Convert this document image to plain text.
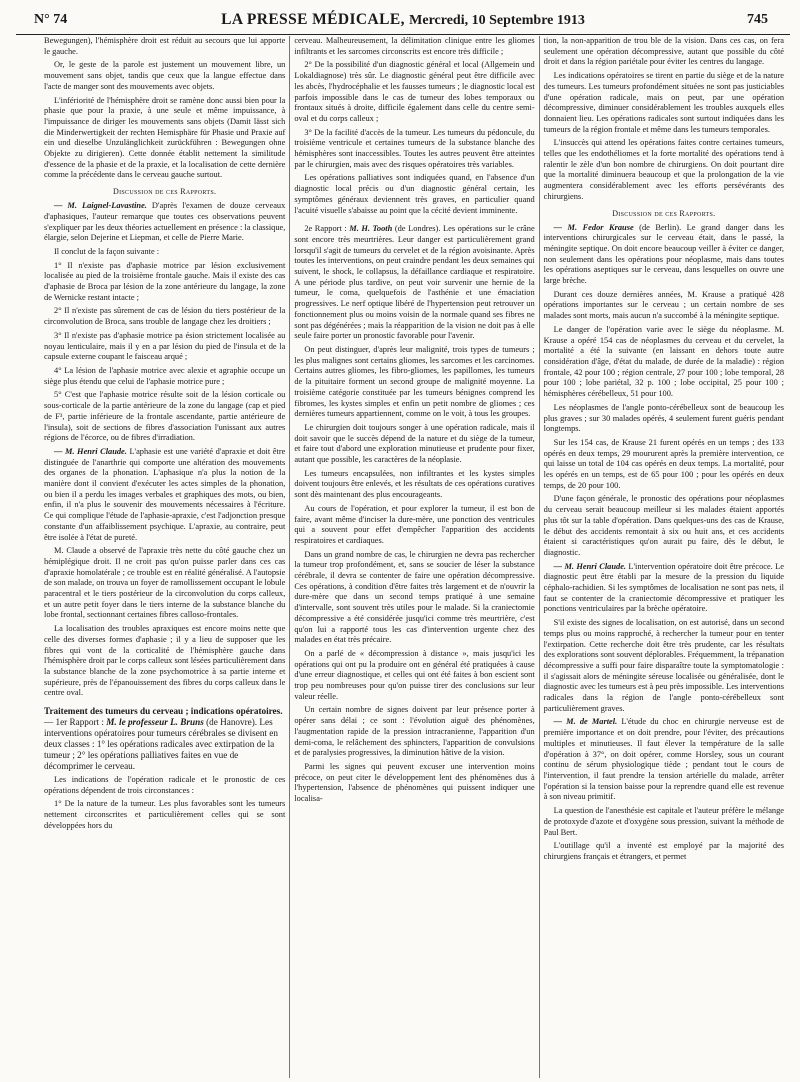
N° 74	LA PRESSE MÉDICALE, Mercredi, 10 Septembre 1913	745

Bewegungen), l'hémisphère droit est réduit au secours que lui apporte le gauche.

Or, le geste de la parole est justement un mouvement libre, un mouvement sans objet, tandis que ceux que la langue effectue dans l'acte de manger sont des mouvements avec objets.

L'infériorité de l'hémisphère droit se ramène donc aussi bien pour la phasie que pour la praxie, à une seule et même impuissance, à l'impuissance de diriger les mouvements sans objets (Damit lässt sich die Minderwertigkeit der rechten Hemisphäre für Phasie und Praxie auf ein und dieselbe Unzulänglichkeit zurückführen : Bewegungen ohne Objekte zu dirigieren). Cette donnée établit nettement la similitude d'essence de la phasie et de la praxie, et la localisation de cette dernière comme la précédente dans le cerveau gauche surtout.

Discussion de ces Rapports.

— M. Laignel-Lavastine. D'après l'examen de douze cerveaux d'aphasiques, l'auteur remarque que toutes ces observations peuvent s'expliquer par les deux théories actuellement en présence : la classique, élargie, selon Dejerine et Liepman, et celle de Pierre Marie.

Il conclut de la façon suivante :

1° Il n'existe pas d'aphasie motrice par lésion exclusivement localisée au pied de la troisième frontale gauche. Mais il existe des cas d'aphasie de Broca par lésion de la zone antérieure du langage, la zone de Wernicke restant intacte ;

2° Il n'existe pas sûrement de cas de lésion du tiers postérieur de la circonvolution de Broca, sans trouble de langage chez les droitiers ;

3° Il n'existe pas d'aphasie motrice pa ésion strictement localisée au noyau lenticulaire, mais il y en a par lésion du pied de l'insula et de la capsule externe coupant le faisceau arqué ;

4° La lésion de l'aphasie motrice avec alexie et agraphie occupe un siège plus étendu que celui de l'aphasie motrice pure ;

5° C'est que l'aphasie motrice résulte soit de la lésion corticale ou sous-corticale de la partie antérieure de la zone du langage (cap et pied de F³, partie inférieure de la frontale ascendante, partie antérieure de l'insula), soit de sections de fibres d'association l'unissant aux autres régions de l'écorce, ou de fibres d'irradiation.

— M. Henri Claude. L'aphasie est une variété d'apraxie et doit être distinguée de l'anarthrie qui comporte une altération des mouvements des organes de la phonation. L'aphasique n'a plus la notion de la manière dont il convient d'exécuter les actes simples de la phonation, ou bien il a perdu les images verbales et graphiques des mots, ou bien, enfin, il n'a plus le souvenir des mouvements nécessaires à l'écriture. Ce qui complique l'étude de l'aphasie-apraxie, c'est l'adjonction presque constante d'un affaiblissement psychique. L'apraxie, au contraire, peut être isolée à l'état de pureté.

M. Claude a observé de l'apraxie très nette du côté gauche chez un hémiplégique droit. Il ne croit pas qu'on puisse parler dans ces cas d'apraxie homolatérale ; ce trouble est en réalité généralisé. A l'autopsie de son malade, on trouva un foyer de ramollissement occupant le lobule paracentral et le tiers postérieur de la circonvolution du corps calleux, et un autre petit foyer dans le tiers interne de la substance blanche du lobe frontal, sectionnant certaines fibres calloso-frontales.

La localisation des troubles apraxiques est encore moins nette que celle des diverses formes d'aphasie ; il y a lieu de supposer que les fibres qui vont de la corticalité de l'hémisphère gauche dans l'hémisphère droit par le corps calleux sont lésées particulièrement dans la substance blanche de la zone psychomotrice à sa partie interne et supérieure, près de l'épanouissement des fibres du corps calleux dans le centre oval.

Traitement des tumeurs du cerveau ; indications opératoires. — 1er Rapport : M. le professeur L. Bruns (de Hanovre). Les interventions opératoires pour tumeurs cérébrales se divisent en deux classes : 1° les opérations radicales avec extirpation de la tumeur ; 2° les opérations palliatives faites en vue de décomprimer le cerveau.

Les indications de l'opération radicale et le pronostic de ces opérations dépendent de trois circonstances :

1° De la nature de la tumeur. Les plus favorables sont les tumeurs nettement circonscrites et particulièrement celles qui se sont développées hors du

cerveau. Malheureusement, la délimitation clinique entre les gliomes infiltrants et les sarcomes circonscrits est encore très difficile ;

2° De la possibilité d'un diagnostic général et local (Allgemein und Lokaldiagnose) très sûr. Le diagnostic général peut être difficile avec les abcès, l'hydrocéphalie et les fausses tumeurs ; le diagnostic local est parfois impossible dans le cas de tumeur des lobes temporaux ou frontaux situés à droite, difficile également dans celle du centre semi-oval et du corps calleux ;

3° De la facilité d'accès de la tumeur. Les tumeurs du pédoncule, du troisième ventricule et certaines tumeurs de la substance blanche des hémisphères sont inaccessibles. Toutes les autres peuvent être atteintes par le chirurgien, mais avec des risques opératoires très variables.

Les opérations palliatives sont indiquées quand, en l'absence d'un diagnostic local précis ou d'un diagnostic général certain, les symptômes généraux deviennent très graves, en particulier quand l'acuité visuelle s'abaisse au point que la cécité devient imminente.

2e Rapport : M. H. Tooth (de Londres). Les opérations sur le crâne sont encore très meurtrières. Leur danger est particulièrement grand lorsqu'il s'agit de tumeurs du cervelet et de la région avoisinante. Après toutes les interventions, on peut craindre pendant les deux semaines qui suivent, le shock, le collapsus, la défaillance cardiaque et respiratoire. A une période plus tardive, on peut voir survenir une hernie de la tumeur, le coma, quelquefois de l'asthénie et une émaciation progressives. Le nerf optique libéré de l'hypertension peut retrouver un fonctionnement plus ou moins voisin de la normale quand ses fibres ne sont pas dégénérées ; mais la réapparition de la vision ne doit pas à elle seule faire porter un pronostic favorable pour l'avenir.

On peut distinguer, d'après leur malignité, trois types de tumeurs ; les plus malignes sont certains gliomes, les sarcomes et les carcinomes. Certains autres gliomes, les fibro-gliomes, les papillomes, les tumeurs de la pituitaire forment un second groupe de malignité moyenne. La troisième catégorie constituée par les tumeurs bénignes comprend les fibromes, les kystes simples et enfin un petit nombre de gliomes ; ces dernières tumeurs appartiennent, comme on le voit, à tous les groupes.

Le chirurgien doit toujours songer à une opération radicale, mais il doit savoir que le succès dépend de la nature et du siège de la tumeur, et faire tout d'abord une exploration minutieuse et prudente pour fixer, autant que possible, les caractères de la néoplasie.

Les tumeurs encapsulées, non infiltrantes et les kystes simples doivent toujours être enlevés, et les résultats de ces opérations curatives sont dès maintenant des plus encourageants.

Au cours de l'opération, et pour explorer la tumeur, il est bon de faire, avant même d'inciser la dure-mère, une ponction des ventricules qui a souvent pour effet d'empêcher l'apparition des accidents respiratoires et cardiaques.

Dans un grand nombre de cas, le chirurgien ne devra pas rechercher la tumeur trop profondément, et, sans se soucier de léser la substance cérébrale, il devra se contenter de faire une opération décompressive. Ces opérations, à condition d'être faites très largement et de n'ouvrir la dure-mère que dans un second temps pratiqué à une semaine d'intervalle, sont souvent très utiles pour le malade. Si la craniectomie décompressive a été considérée jusqu'ici comme très meurtrière, c'est qu'on lui a rapporté tous les cas d'intervention urgente chez des malades en état très précaire.

On a parlé de « décompression à distance », mais jusqu'ici les opérations qui ont pu la produire ont en général été pratiquées à cause d'une erreur diagnostique, et celles qui ont été faites à bon escient sont trop peu nombreuses pour qu'on puisse tirer des conclusions sur leur valeur réelle.

Un certain nombre de signes doivent par leur présence porter à opérer sans délai ; ce sont : l'évolution aiguë des phénomènes, l'augmentation rapide de la pression intracranienne, l'apparition d'un demi-coma, le relâchement des sphincters, l'apparition de convulsions et de paralysies progressives, la diminution hâtive de la vision.

Parmi les signes qui peuvent excuser une intervention moins précoce, on peut citer le développement lent des phénomènes dus à l'hypertension, l'absence de phénomènes qui puissent indiquer une localisa-

tion, la non-apparition de trou ble de la vision. Dans ces cas, on fera seulement une opération décompressive, autant que possible du côté droit et dans la région pariétale pour éviter les centres du langage.

Les indications opératoires se tirent en partie du siège et de la nature des tumeurs. Les tumeurs profondément situées ne sont pas justiciables d'une opération radicale, mais on peut, par une opération décompressive, diminuer considérablement les troubles auxquels elles donnaient lieu. Les opérations radicales sont surtout indiquées dans les tumeurs de la région frontale et même dans les tumeurs temporales.

L'insuccès qui attend les opérations faites contre certaines tumeurs, telles que les endothéliomes et la forte mortalité des opérations tend à ralentir le zèle d'un bon nombre de chirurgiens. On doit pourtant dire que la mortalité diminuera beaucoup et que la prolongation de la vie augmentera considérablement avec les efforts persévérants des chirurgiens.

Discussion de ces Rapports.

— M. Fedor Krause (de Berlin). Le grand danger dans les interventions chirurgicales sur le cerveau était, dans le passé, la méningite septique. On doit encore beaucoup veiller à éviter ce danger, non seulement dans les opérations pour néoplasme, mais dans toutes les opérations aseptiques sur le cerveau, dans lesquelles on ouvre une large brèche.

Durant ces douze dernières années, M. Krause a pratiqué 428 opérations importantes sur le cerveau ; un certain nombre de ses malades sont morts, mais aucun n'a succombé à la méningite septique.

Le danger de l'opération varie avec le siège du néoplasme. M. Krause a opéré 154 cas de néoplasmes du cerveau et du cervelet, la mortalité a été la suivante (en laissant en dehors toute autre considération d'âge, d'état du malade, de durée de la maladie) : région frontale, 42 pour 100 ; région centrale, 27 pour 100 ; lobe temporal, 28 pour 100 ; lobe pariétal, 32 p. 100 ; lobe occipital, 25 pour 100 ; hémisphères cérébelleux, 51 pour 100.

Les néoplasmes de l'angle ponto-cérébelleux sont de beaucoup les plus graves ; sur 30 malades opérés, 4 seulement furent guéris pendant longtemps.

Sur les 154 cas, de Krause 21 furent opérés en un temps ; des 133 opérés en deux temps, 29 moururent après la première intervention, ce qui laisse un total de 104 cas opérés en deux temps. La mortalité, pour les opérés en un temps, est de 65 pour 100 ; pour les opérés en deux temps, de 20 pour 100.

D'une façon générale, le pronostic des opérations pour néoplasmes du cerveau serait beaucoup meilleur si les malades étaient apportés plus tôt sur la table d'opération. Dans quelques-uns des cas de Krause, le début des accidents remontait à six ou huit ans, et ces accidents étaient si caractéristiques qu'on aurait pu faire, dès le début, le diagnostic.

— M. Henri Claude. L'intervention opératoire doit être précoce. Le diagnostic peut être établi par la mesure de la pression du liquide céphalo-rachidien. Si les symptômes de localisation ne sont pas nets, il faut se contenter de la craniectomie décompressive et pratiquer les ponctions ventriculaires par la brèche opératoire.

S'il existe des signes de localisation, on est autorisé, dans un second temps plus ou moins rapproché, à rechercher la tumeur pour en tenter l'extirpation. Cette recherche doit être très prudente, car les résultats des explorations sont souvent déplorables. Fréquemment, la trépanation décompressive a suffi pour faire disparaître toute la symptomatologie : il s'agissait alors de méningite séreuse localisée ou généralisée, dont le diagnostic avec les tumeurs est à peu près impossible. Les interventions radicales dans la région de l'angle ponto-cérébelleux sont particulièrement graves.

— M. de Martel. L'étude du choc en chirurgie nerveuse est de première importance et on doit prendre, pour l'éviter, des précautions multiples et minutieuses. Il faut élever la température de la salle d'opération à 37°, on doit opérer, comme Horsley, sous un courant continu de sérum physiologique tiède ; pendant tout le cours de l'intervention, il faut prendre la tension artérielle du malade, arrêter l'opération si la tension baisse pour la reprendre quand elle est revenue à son niveau primitif.

La question de l'anesthésie est capitale et l'auteur préfère le mélange de protoxyde d'azote et d'oxygène sous pression, suivant la méthode de Paul Bert.

L'outillage qu'il a inventé est employé par la majorité des chirurgiens français et étrangers, et permet
